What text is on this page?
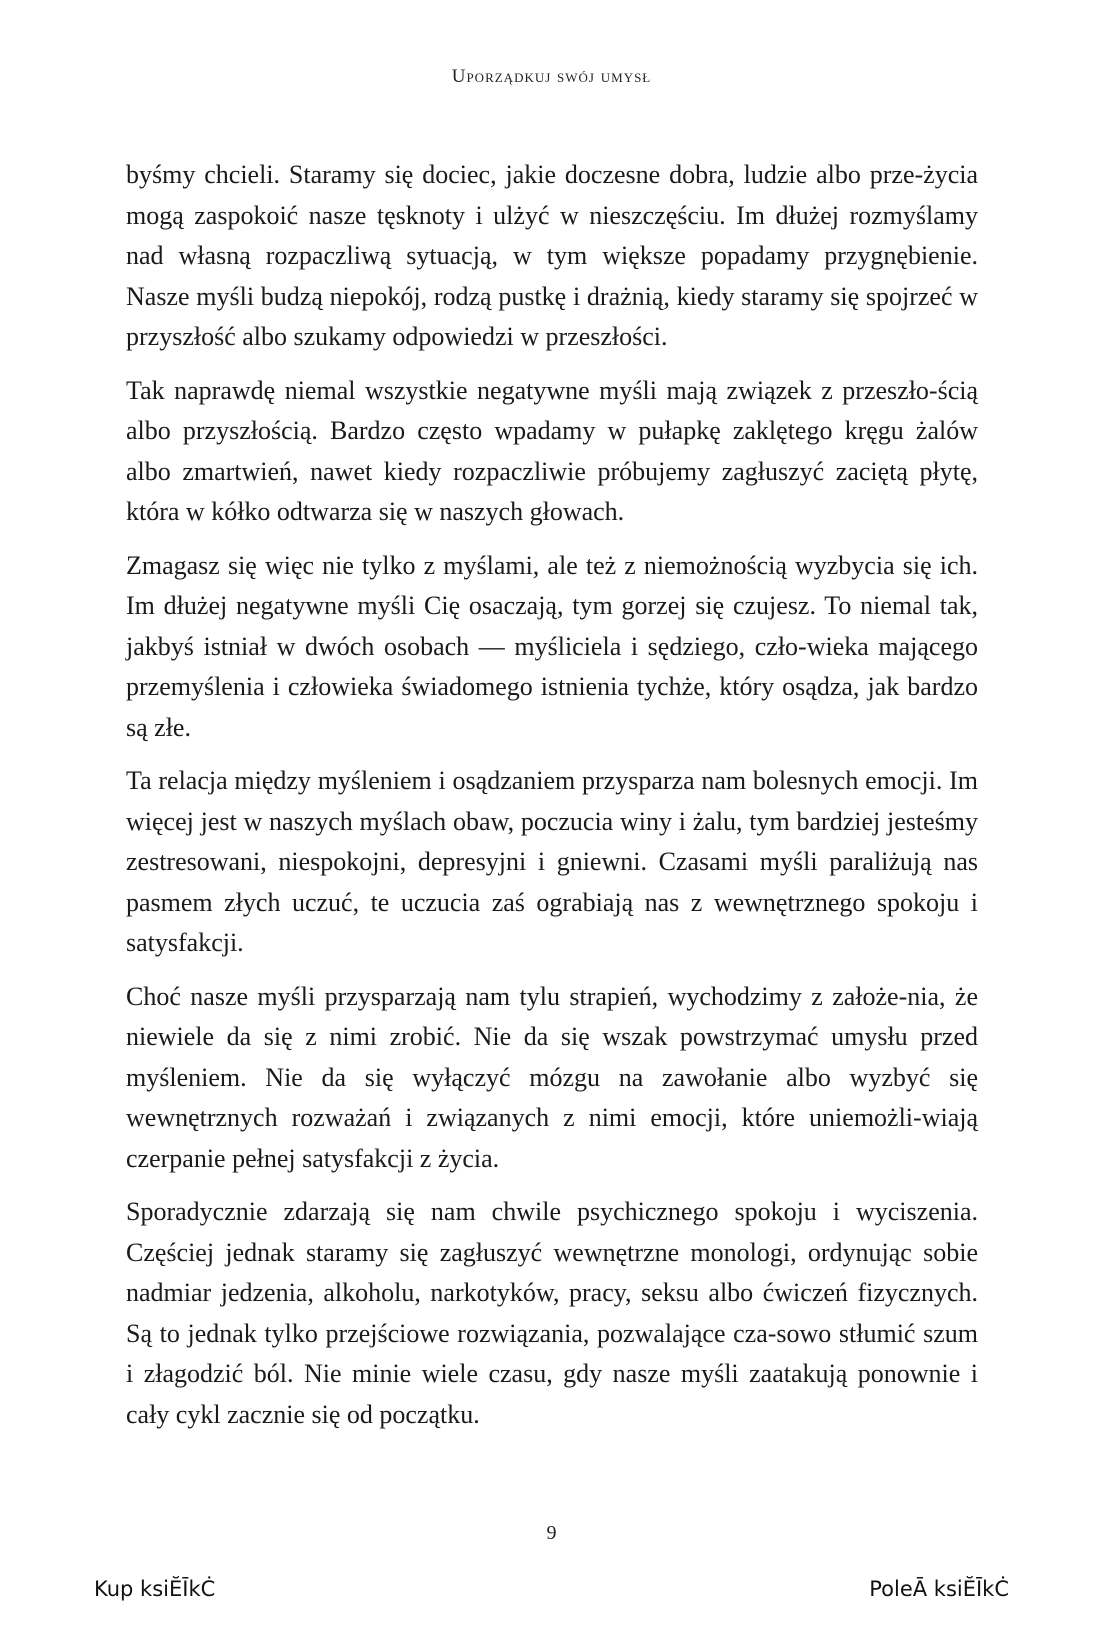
Uporządkuj swój umysł

byśmy chcieli. Staramy się dociec, jakie doczesne dobra, ludzie albo prze-życia mogą zaspokoić nasze tęsknoty i ulżyć w nieszczęściu. Im dłużej rozmyślamy nad własną rozpaczliwą sytuacją, w tym większe popadamy przygnębienie. Nasze myśli budzą niepokój, rodzą pustkę i drażnią, kiedy staramy się spojrzeć w przyszłość albo szukamy odpowiedzi w przeszłości.

Tak naprawdę niemal wszystkie negatywne myśli mają związek z przeszło-ścią albo przyszłością. Bardzo często wpadamy w pułapkę zaklętego kręgu żalów albo zmartwień, nawet kiedy rozpaczliwie próbujemy zagłuszyć zaciętą płytę, która w kółko odtwarza się w naszych głowach.

Zmagasz się więc nie tylko z myślami, ale też z niemożnością wyzbycia się ich. Im dłużej negatywne myśli Cię osaczają, tym gorzej się czujesz. To niemal tak, jakbyś istniał w dwóch osobach — myśliciela i sędziego, czło-wieka mającego przemyślenia i człowieka świadomego istnienia tychże, który osądza, jak bardzo są złe.

Ta relacja między myśleniem i osądzaniem przysparza nam bolesnych emocji. Im więcej jest w naszych myślach obaw, poczucia winy i żalu, tym bardziej jesteśmy zestresowani, niespokojni, depresyjni i gniewni. Czasami myśli paraliżują nas pasmem złych uczuć, te uczucia zaś ograbiają nas z wewnętrznego spokoju i satysfakcji.

Choć nasze myśli przysparzają nam tylu strapień, wychodzimy z założe-nia, że niewiele da się z nimi zrobić. Nie da się wszak powstrzymać umysłu przed myśleniem. Nie da się wyłączyć mózgu na zawołanie albo wyzbyć się wewnętrznych rozważań i związanych z nimi emocji, które uniemożli-wiają czerpanie pełnej satysfakcji z życia.

Sporadycznie zdarzają się nam chwile psychicznego spokoju i wyciszenia. Częściej jednak staramy się zagłuszyć wewnętrzne monologi, ordynując sobie nadmiar jedzenia, alkoholu, narkotyków, pracy, seksu albo ćwiczeń fizycznych. Są to jednak tylko przejściowe rozwiązania, pozwalające cza-sowo stłumić szum i złagodzić ból. Nie minie wiele czasu, gdy nasze myśli zaatakują ponownie i cały cykl zacznie się od początku.

9
Kup ksiĔĪkĊ	PoleĀ ksiĔĪkĊ
